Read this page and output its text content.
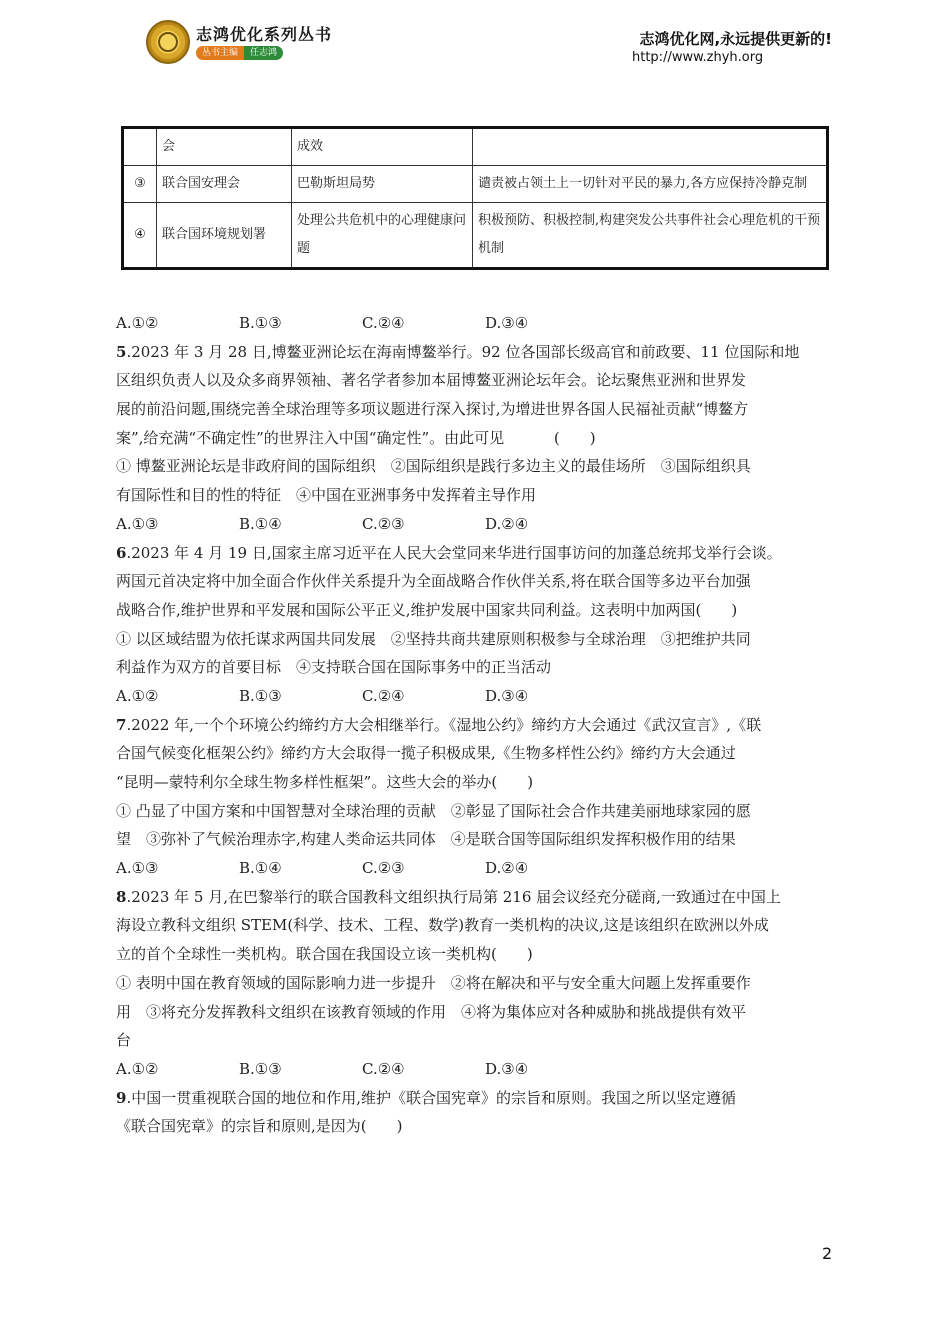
志鸿优化系列丛书
丛书主编	任志鸿
志鸿优化网,永远提供更新的!
http://www.zhyh.org
	会	成效	
③	联合国安理会	巴勒斯坦局势	谴责被占领土上一切针对平民的暴力,各方应保持冷静克制
④	联合国环境规划署	处理公共危机中的心理健康问题	积极预防、积极控制,构建突发公共事件社会心理危机的干预机制
A.①②	B.①③	C.②④	D.③④
5.2023 年 3 月 28 日,博鳌亚洲论坛在海南博鳌举行。92 位各国部长级高官和前政要、11 位国际和地
区组织负责人以及众多商界领袖、著名学者参加本届博鳌亚洲论坛年会。论坛聚焦亚洲和世界发
展的前沿问题,围绕完善全球治理等多项议题进行深入探讨,为增进世界各国人民福祉贡献“博鳌方
案”,给充满“不确定性”的世界注入中国“确定性”。由此可见 　　　(　　)
① 博鳌亚洲论坛是非政府间的国际组织　②国际组织是践行多边主义的最佳场所　③国际组织具
有国际性和目的性的特征　④中国在亚洲事务中发挥着主导作用
A.①③	B.①④	C.②③	D.②④
6.2023 年 4 月 19 日,国家主席习近平在人民大会堂同来华进行国事访问的加蓬总统邦戈举行会谈。
两国元首决定将中加全面合作伙伴关系提升为全面战略合作伙伴关系,将在联合国等多边平台加强
战略合作,维护世界和平发展和国际公平正义,维护发展中国家共同利益。这表明中加两国(　　)
① 以区域结盟为依托谋求两国共同发展　②坚持共商共建原则积极参与全球治理　③把维护共同
利益作为双方的首要目标　④支持联合国在国际事务中的正当活动
A.①②	B.①③	C.②④	D.③④
7.2022 年,一个个环境公约缔约方大会相继举行。《湿地公约》缔约方大会通过《武汉宣言》,《联
合国气候变化框架公约》缔约方大会取得一揽子积极成果,《生物多样性公约》缔约方大会通过
“昆明—蒙特利尔全球生物多样性框架”。这些大会的举办(　　)
① 凸显了中国方案和中国智慧对全球治理的贡献　②彰显了国际社会合作共建美丽地球家园的愿
望　③弥补了气候治理赤字,构建人类命运共同体　④是联合国等国际组织发挥积极作用的结果
A.①③	B.①④	C.②③	D.②④
8.2023 年 5 月,在巴黎举行的联合国教科文组织执行局第 216 届会议经充分磋商,一致通过在中国上
海设立教科文组织 STEM(科学、技术、工程、数学)教育一类机构的决议,这是该组织在欧洲以外成
立的首个全球性一类机构。联合国在我国设立该一类机构(　　)
① 表明中国在教育领域的国际影响力进一步提升　②将在解决和平与安全重大问题上发挥重要作
用　③将充分发挥教科文组织在该教育领域的作用　④将为集体应对各种威胁和挑战提供有效平
台
A.①②	B.①③	C.②④	D.③④
9.中国一贯重视联合国的地位和作用,维护《联合国宪章》的宗旨和原则。我国之所以坚定遵循
《联合国宪章》的宗旨和原则,是因为(　　)
2
